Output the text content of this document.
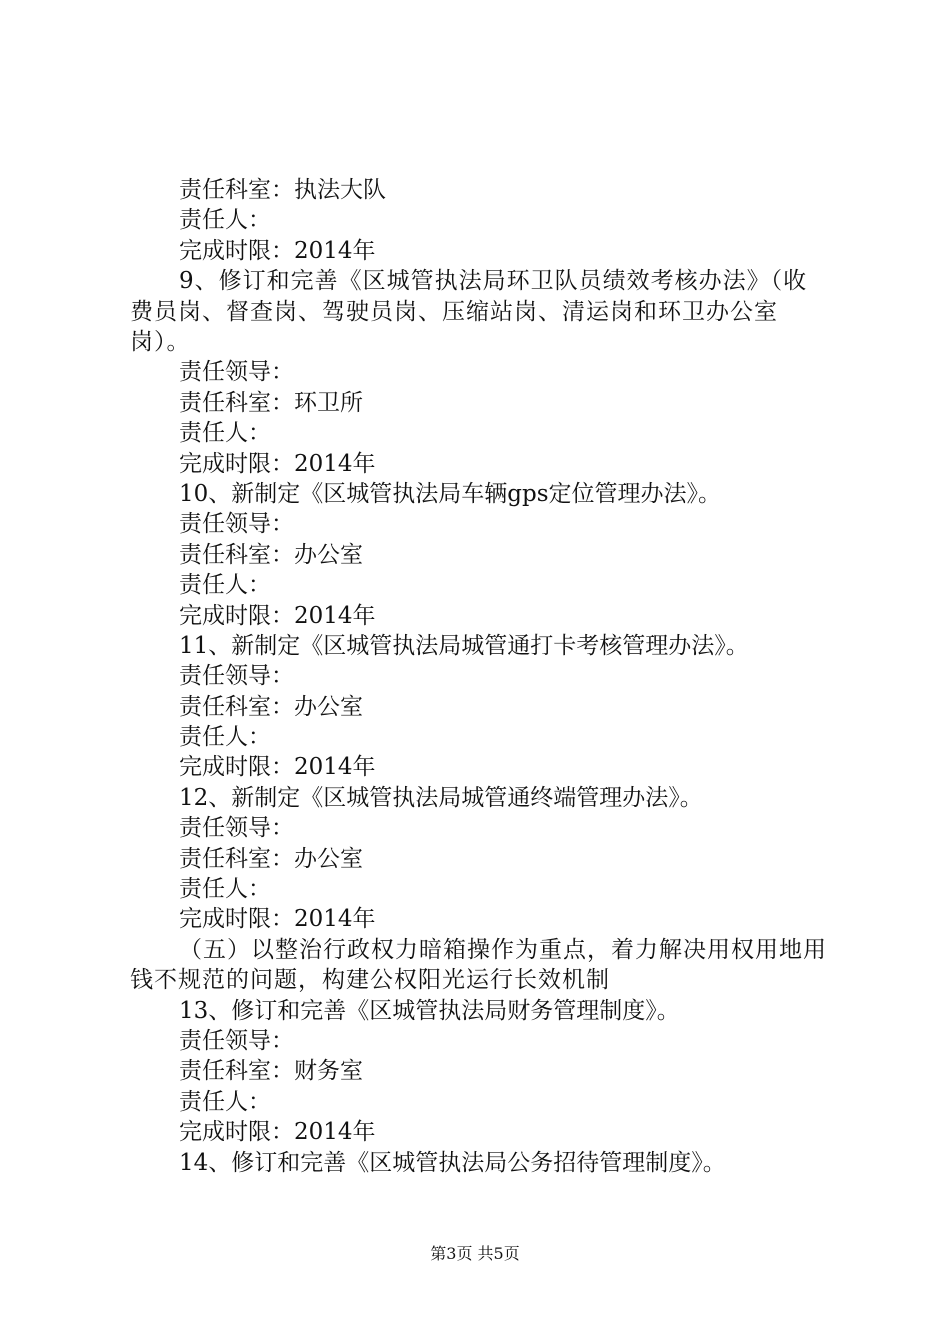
责任科室：执法大队
责任人：
完成时限：2014年
9、修订和完善《区城管执法局环卫队员绩效考核办法》（收费员岗、督查岗、驾驶员岗、压缩站岗、清运岗和环卫办公室岗）。
责任领导：
责任科室：环卫所
责任人：
完成时限：2014年
10、新制定《区城管执法局车辆gps定位管理办法》。
责任领导：
责任科室：办公室
责任人：
完成时限：2014年
11、新制定《区城管执法局城管通打卡考核管理办法》。
责任领导：
责任科室：办公室
责任人：
完成时限：2014年
12、新制定《区城管执法局城管通终端管理办法》。
责任领导：
责任科室：办公室
责任人：
完成时限：2014年
（五）以整治行政权力暗箱操作为重点，着力解决用权用地用钱不规范的问题，构建公权阳光运行长效机制
13、修订和完善《区城管执法局财务管理制度》。
责任领导：
责任科室：财务室
责任人：
完成时限：2014年
14、修订和完善《区城管执法局公务招待管理制度》。
第3页 共5页
